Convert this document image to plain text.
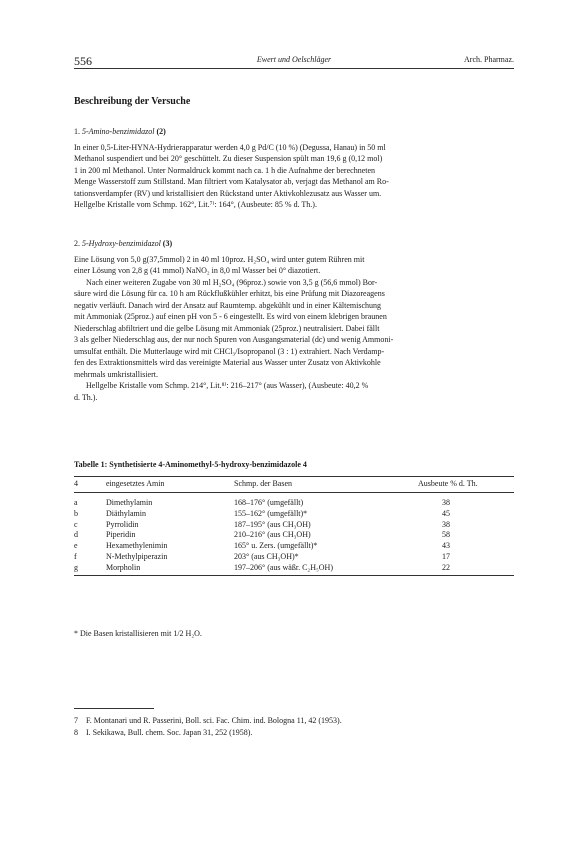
556	Ewert und Oelschläger	Arch. Pharmaz.
Beschreibung der Versuche
1. 5-Amino-benzimidazol (2)

In einer 0,5-Liter-HYNA-Hydrierapparatur werden 4,0 g Pd/C (10 %) (Degussa, Hanau) in 50 ml

Methanol suspendiert und bei 20° geschüttelt. Zu dieser Suspension spült man 19,6 g (0,12 mol)

1 in 200 ml Methanol. Unter Normaldruck kommt nach ca. 1 h die Aufnahme der berechneten

Menge Wasserstoff zum Stillstand. Man filtriert vom Katalysator ab, verjagt das Methanol am Ro-

tationsverdampfer (RV) und kristallisiert den Rückstand unter Aktivkohlezusatz aus Wasser um.

Hellgelbe Kristalle vom Schmp. 162°, Lit.⁷⁾: 164°, (Ausbeute: 85 % d. Th.).

2. 5-Hydroxy-benzimidazol (3)

Eine Lösung von 5,0 g(37,5mmol) 2 in 40 ml 10proz. H₂SO₄ wird unter gutem Rühren mit

einer Lösung von 2,8 g (41 mmol) NaNO₂ in 8,0 ml Wasser bei 0° diazotiert.

Nach einer weiteren Zugabe von 30 ml H₂SO₄ (96proz.) sowie von 3,5 g (56,6 mmol) Bor-

säure wird die Lösung für ca. 10 h am Rückflußkühler erhitzt, bis eine Prüfung mit Diazoreagens

negativ verläuft. Danach wird der Ansatz auf Raumtemp. abgekühlt und in einer Kältemischung

mit Ammoniak (25proz.) auf einen pH von 5 - 6 eingestellt. Es wird von einem klebrigen braunen

Niederschlag abfiltriert und die gelbe Lösung mit Ammoniak (25proz.) neutralisiert. Dabei fällt

3 als gelber Niederschlag aus, der nur noch Spuren von Ausgangsmaterial (dc) und wenig Ammoni-

umsulfat enthält. Die Mutterlauge wird mit CHCl₃/Isopropanol (3 : 1) extrahiert. Nach Verdamp-

fen des Extraktionsmittels wird das vereinigte Material aus Wasser unter Zusatz von Aktivkohle

mehrmals umkristallisiert.

Hellgelbe Kristalle vom Schmp. 214°, Lit.⁸⁾: 216–217° (aus Wasser), (Ausbeute: 40,2 %

d. Th.).

Tabelle 1: Synthetisierte 4-Aminomethyl-5-hydroxy-benzimidazole 4
4	eingesetztes Amin	Schmp. der Basen	Ausbeute % d. Th.
a	Dimethylamin	168–176° (umgefällt)	38
b	Diäthylamin	155–162° (umgefällt)*	45
c	Pyrrolidin	187–195° (aus CH₃OH)	38
d	Piperidin	210–216° (aus CH₃OH)	58
e	Hexamethylenimin	165° u. Zers. (umgefällt)*	43
f	N-Methylpiperazin	203° (aus CH₃OH)*	17
g	Morpholin	197–206° (aus wäßr. C₂H₅OH)	22
* Die Basen kristallisieren mit 1/2 H₂O.
7 F. Montanari und R. Passerini, Boll. sci. Fac. Chim. ind. Bologna 11, 42 (1953).
8 I. Sekikawa, Bull. chem. Soc. Japan 31, 252 (1958).
